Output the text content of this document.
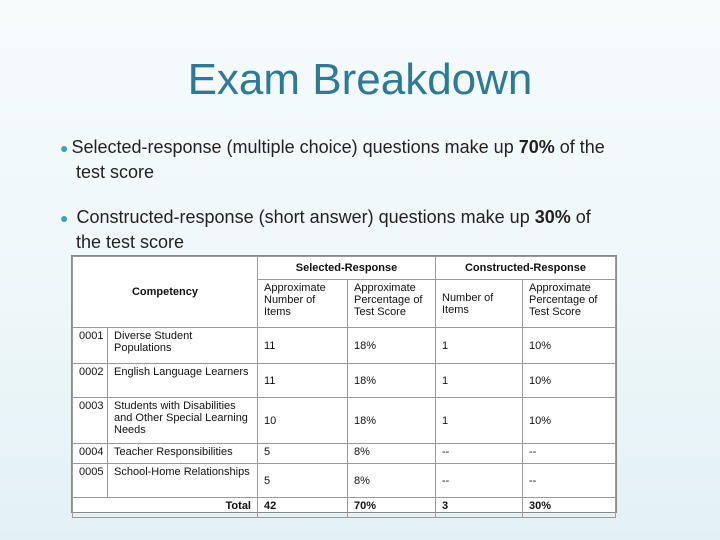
Exam Breakdown
● Selected-response (multiple choice) questions make up 70% of the
test score
● Constructed-response (short answer) questions make up 30% of
the test score
Competency		Selected-Response		Constructed-Response	
		Approximate Number of Items	Approximate Percentage of Test Score	Number of Items	Approximate Percentage of Test Score
0001	Diverse Student Populations	11	18%	1	10%
0002	English Language Learners	11	18%	1	10%
0003	Students with Disabilities and Other Special Learning Needs	10	18%	1	10%
0004	Teacher Responsibilities	5	8%	--	--
0005	School-Home Relationships	5	8%	--	--
Total		42	70%	3	30%
